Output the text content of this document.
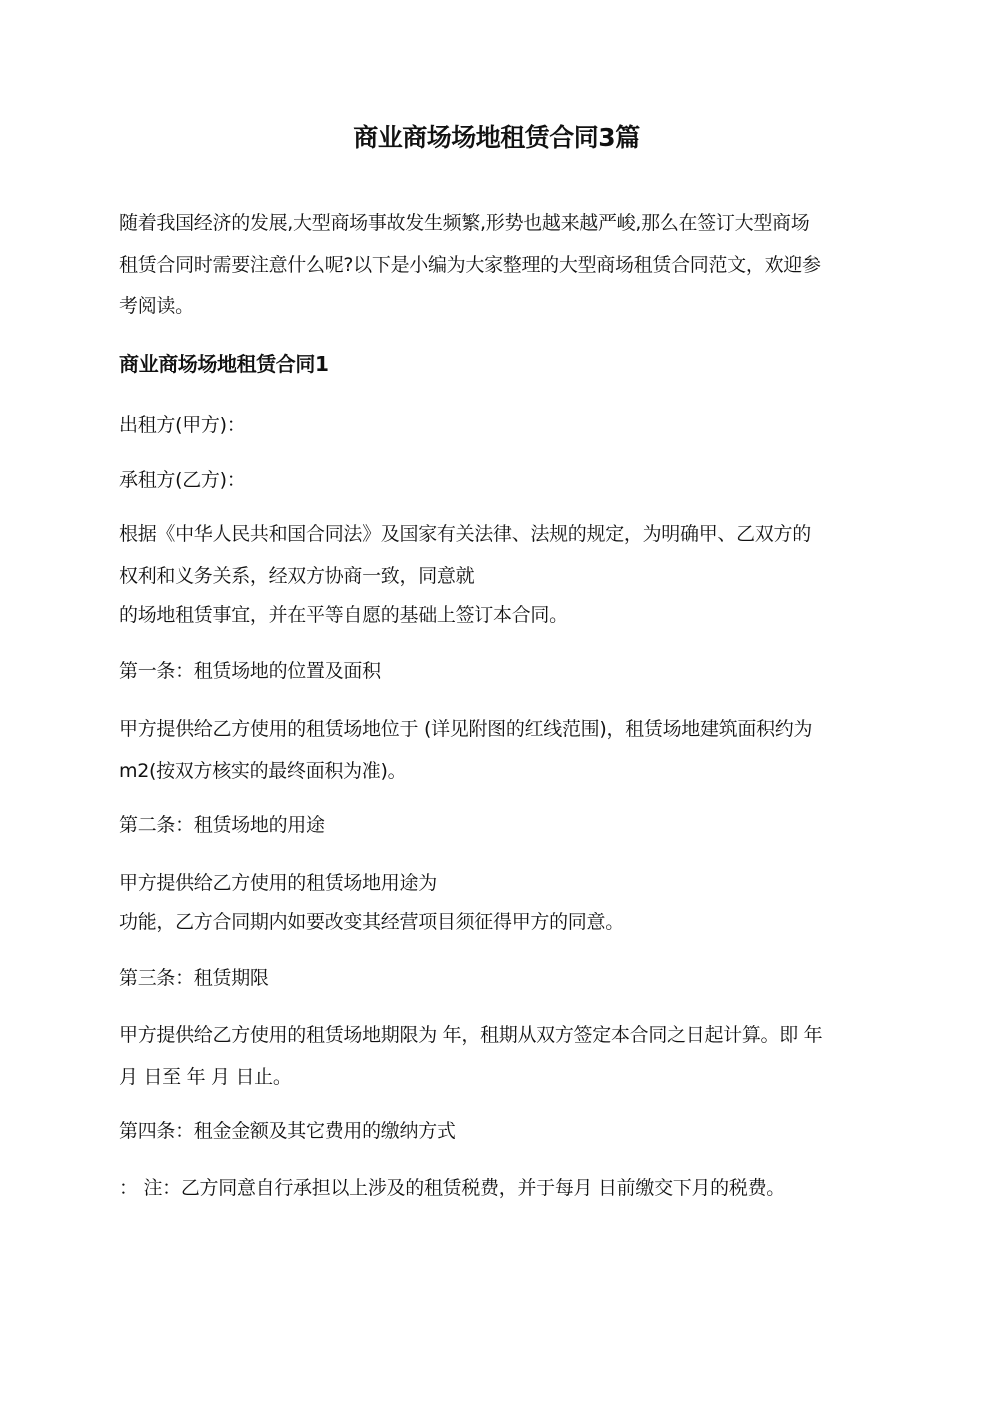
商业商场场地租赁合同3篇
随着我国经济的发展,大型商场事故发生频繁,形势也越来越严峻,那么在签订大型商场
租赁合同时需要注意什么呢?以下是小编为大家整理的大型商场租赁合同范文，欢迎参
考阅读。
商业商场场地租赁合同1
出租方(甲方)：
承租方(乙方)：
根据《中华人民共和国合同法》及国家有关法律、法规的规定，为明确甲、乙双方的
权利和义务关系，经双方协商一致，同意就
的场地租赁事宜，并在平等自愿的基础上签订本合同。
第一条：租赁场地的位置及面积
甲方提供给乙方使用的租赁场地位于 (详见附图的红线范围)，租赁场地建筑面积约为
m2(按双方核实的最终面积为准)。
第二条：租赁场地的用途
甲方提供给乙方使用的租赁场地用途为
功能，乙方合同期内如要改变其经营项目须征得甲方的同意。
第三条：租赁期限
甲方提供给乙方使用的租赁场地期限为 年，租期从双方签定本合同之日起计算。即 年
月 日至 年 月 日止。
第四条：租金金额及其它费用的缴纳方式
： 注：乙方同意自行承担以上涉及的租赁税费，并于每月 日前缴交下月的税费。
